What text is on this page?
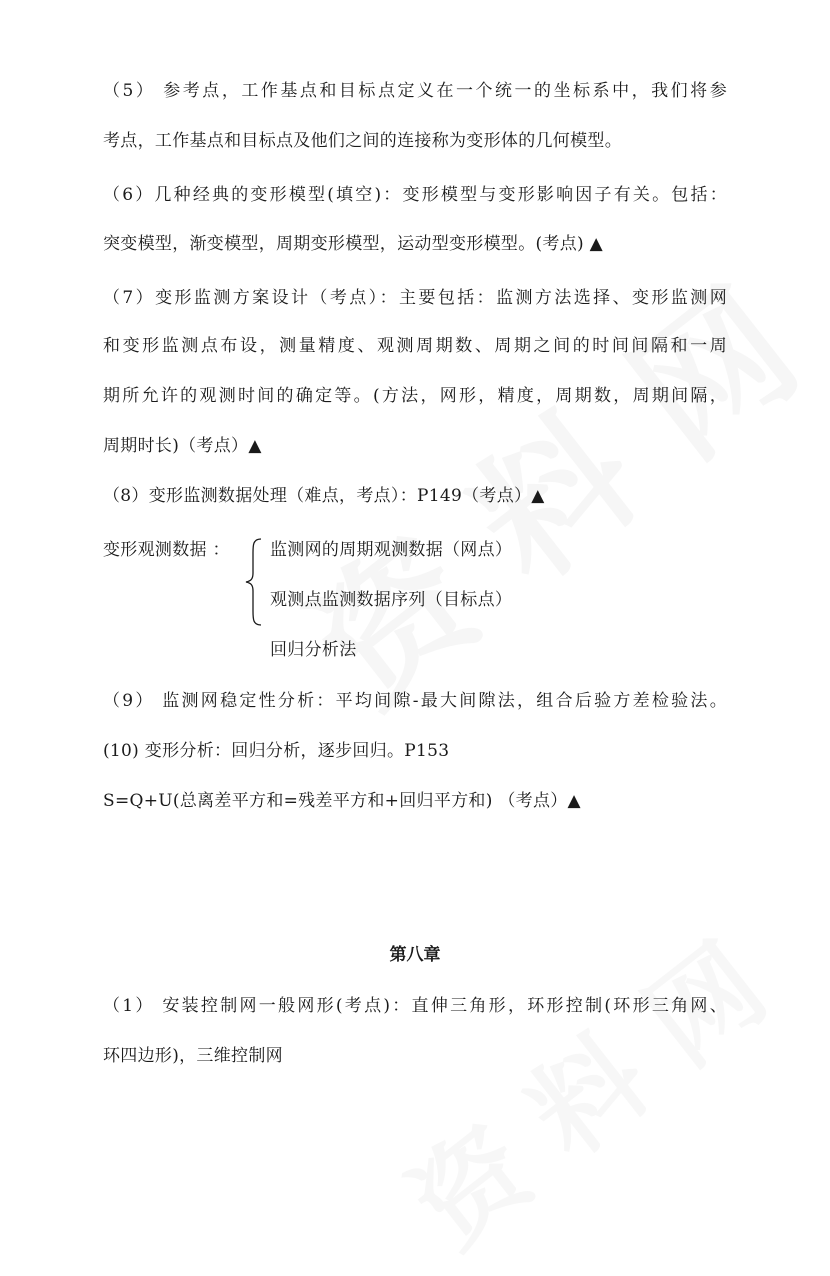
（5） 参考点，工作基点和目标点定义在一个统一的坐标系中，我们将参
考点，工作基点和目标点及他们之间的连接称为变形体的几何模型。
（6）几种经典的变形模型(填空)：变形模型与变形影响因子有关。包括：
突变模型，渐变模型，周期变形模型，运动型变形模型。(考点) ▲
（7）变形监测方案设计（考点）：主要包括：监测方法选择、变形监测网
和变形监测点布设，测量精度、观测周期数、周期之间的时间间隔和一周
期所允许的观测时间的确定等。(方法，网形，精度，周期数，周期间隔，
周期时长)（考点）▲
（8）变形监测数据处理（难点，考点）：P149（考点）▲
变形观测数据 ： 监测网的周期观测数据（网点）
观测点监测数据序列（目标点）
回归分析法
（9） 监测网稳定性分析：平均间隙-最大间隙法，组合后验方差检验法。
(10) 变形分析：回归分析，逐步回归。P153
S=Q+U(总离差平方和=残差平方和+回归平方和) （考点）▲
第八章
（1） 安装控制网一般网形(考点)：直伸三角形，环形控制(环形三角网、
环四边形)，三维控制网
